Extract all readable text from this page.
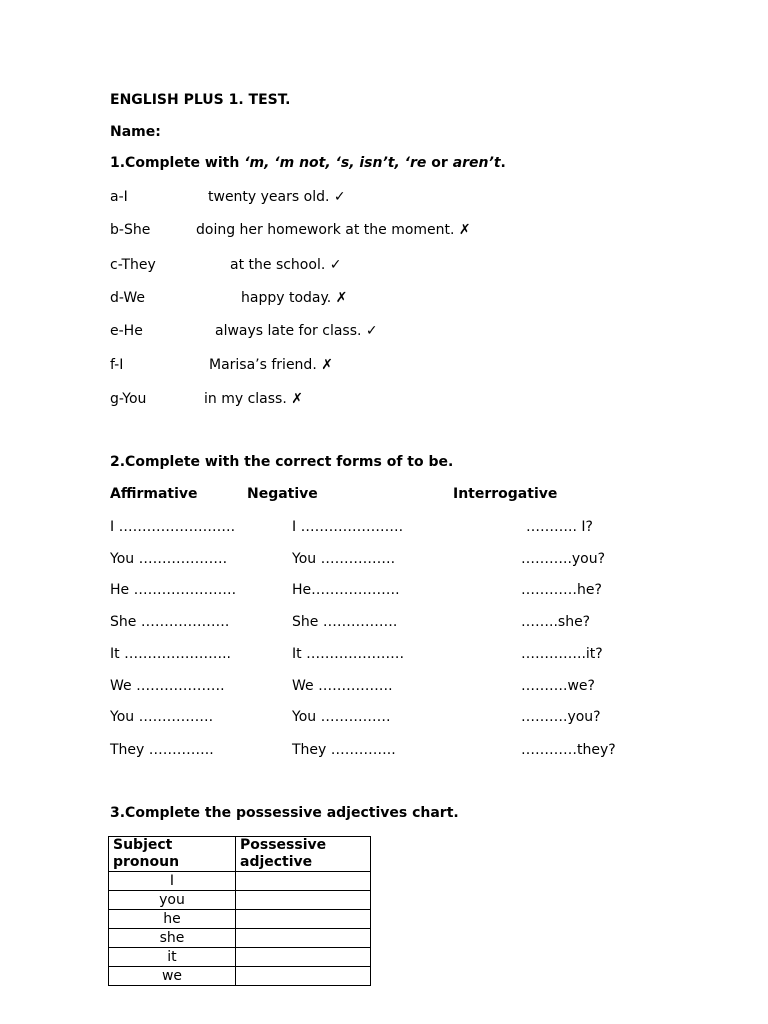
ENGLISH PLUS 1. TEST.
Name:
1.Complete with ‘m, ‘m not, ‘s, isn’t, ‘re or aren’t.
a-I	twenty years old. ✓
b-She	doing her homework at the moment. ✗
c-They	at the school. ✓
d-We	happy today. ✗
e-He	always late for class. ✓
f-I	Marisa’s friend. ✗
g-You	in my class. ✗
2.Complete with the correct forms of to be.
Affirmative	Negative	Interrogative
I …………………….	I ………………….	……….. I?
You ……………….	You …………….	………..you?
He ………………….	He……………….	…………he?
She ……………….	She …………….	……..she?
It …………………..	It …………………	…………..it?
We ……………….	We …………….	……….we?
You …………….	You ……………	……….you?
They …………..	They …………..	…………they?
3.Complete the possessive adjectives chart.
Subject pronoun	Possessive adjective
I	
you	
he	
she	
it	
we	
